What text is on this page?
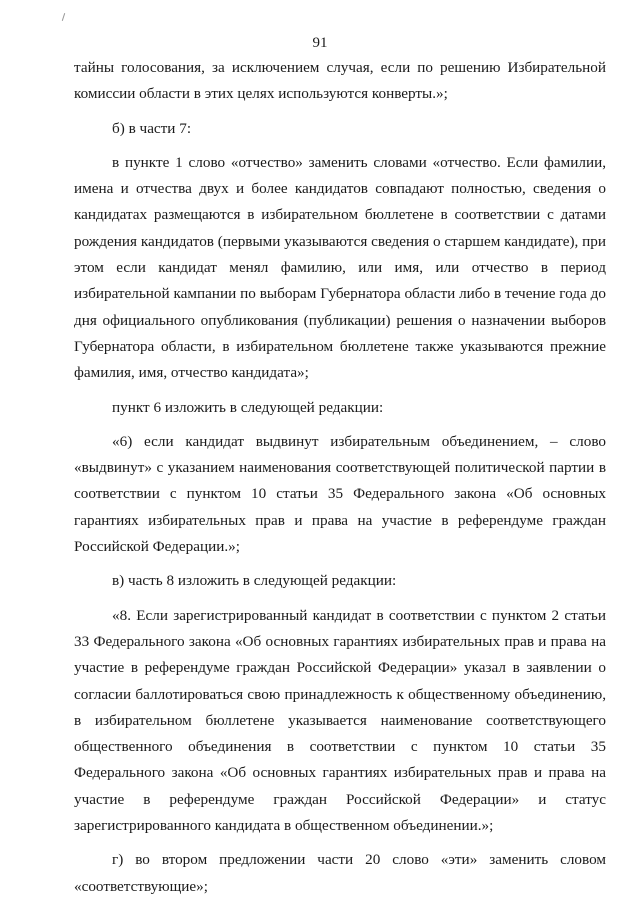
91

тайны голосования, за исключением случая, если по решению Избирательной комиссии области в этих целях используются конверты.»;

б) в части 7:

в пункте 1 слово «отчество» заменить словами «отчество. Если фамилии, имена и отчества двух и более кандидатов совпадают полностью, сведения о кандидатах размещаются в избирательном бюллетене в соответствии с датами рождения кандидатов (первыми указываются сведения о старшем кандидате), при этом если кандидат менял фамилию, или имя, или отчество в период избирательной кампании по выборам Губернатора области либо в течение года до дня официального опубликования (публикации) решения о назначении выборов Губернатора области, в избирательном бюллетене также указываются прежние фамилия, имя, отчество кандидата»;

пункт 6 изложить в следующей редакции:

«6) если кандидат выдвинут избирательным объединением, – слово «выдвинут» с указанием наименования соответствующей политической партии в соответствии с пунктом 10 статьи 35 Федерального закона «Об основных гарантиях избирательных прав и права на участие в референдуме граждан Российской Федерации.»;

в) часть 8 изложить в следующей редакции:

«8. Если зарегистрированный кандидат в соответствии с пунктом 2 статьи 33 Федерального закона «Об основных гарантиях избирательных прав и права на участие в референдуме граждан Российской Федерации» указал в заявлении о согласии баллотироваться свою принадлежность к общественному объединению, в избирательном бюллетене указывается наименование соответствующего общественного объединения в соответствии с пунктом 10 статьи 35 Федерального закона «Об основных гарантиях избирательных прав и права на участие в референдуме граждан Российской Федерации» и статус зарегистрированного кандидата в общественном объединении.»;

г) во втором предложении части 20 слово «эти» заменить словом «соответствующие»;
